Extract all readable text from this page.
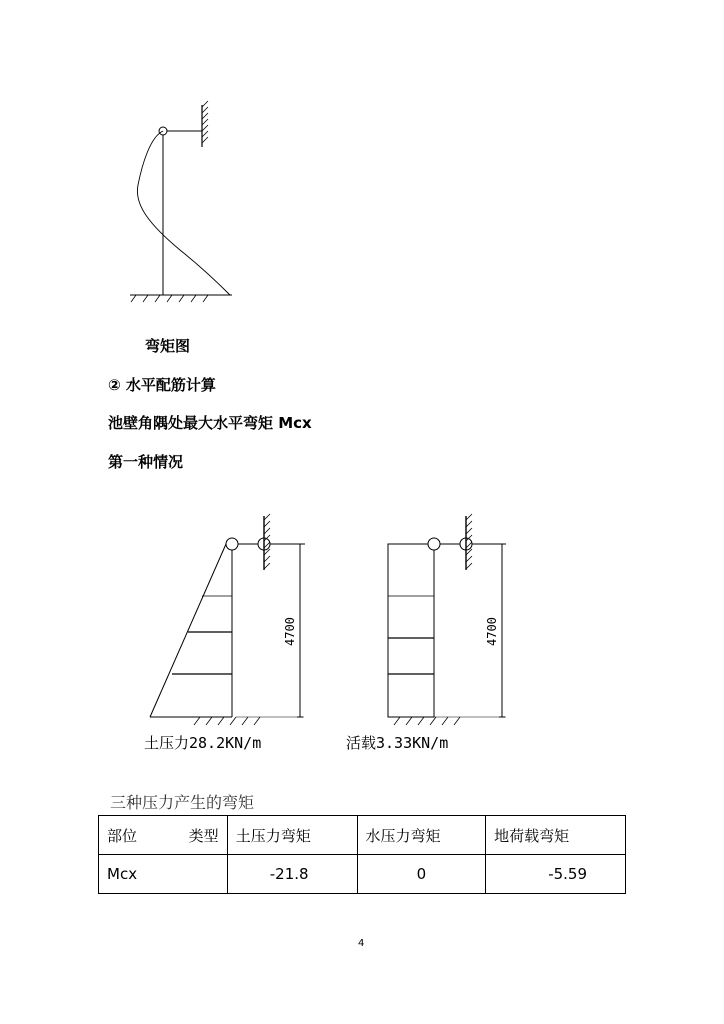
弯矩图
② 水平配筋计算
池壁角隅处最大水平弯矩 Mcx
第一种情况
4700
土压力28.2KN/m
4700
活载3.33KN/m
三种压力产生的弯矩
部位 类型	土压力弯矩	水压力弯矩	地荷载弯矩
Mcx	-21.8	0	-5.59
4
